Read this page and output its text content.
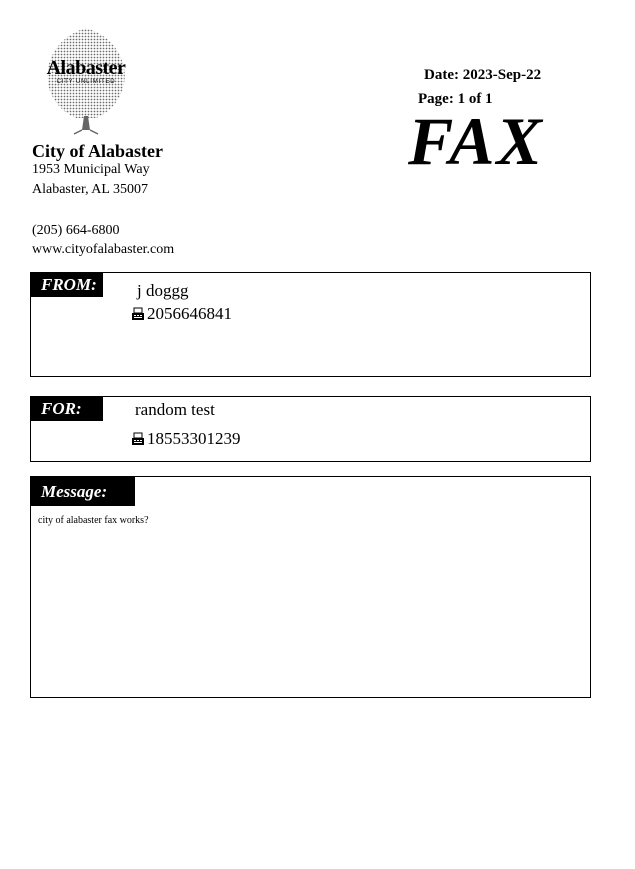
Alabaster
CITY UNLIMITED
City of Alabaster
1953 Municipal Way
Alabaster, AL 35007
(205) 664-6800
www.cityofalabaster.com
Date: 2023-Sep-22
Page: 1 of 1
FAX
FROM:	j doggg
2056646841
FOR:	random test
18553301239
Message:
city of alabaster fax works?
